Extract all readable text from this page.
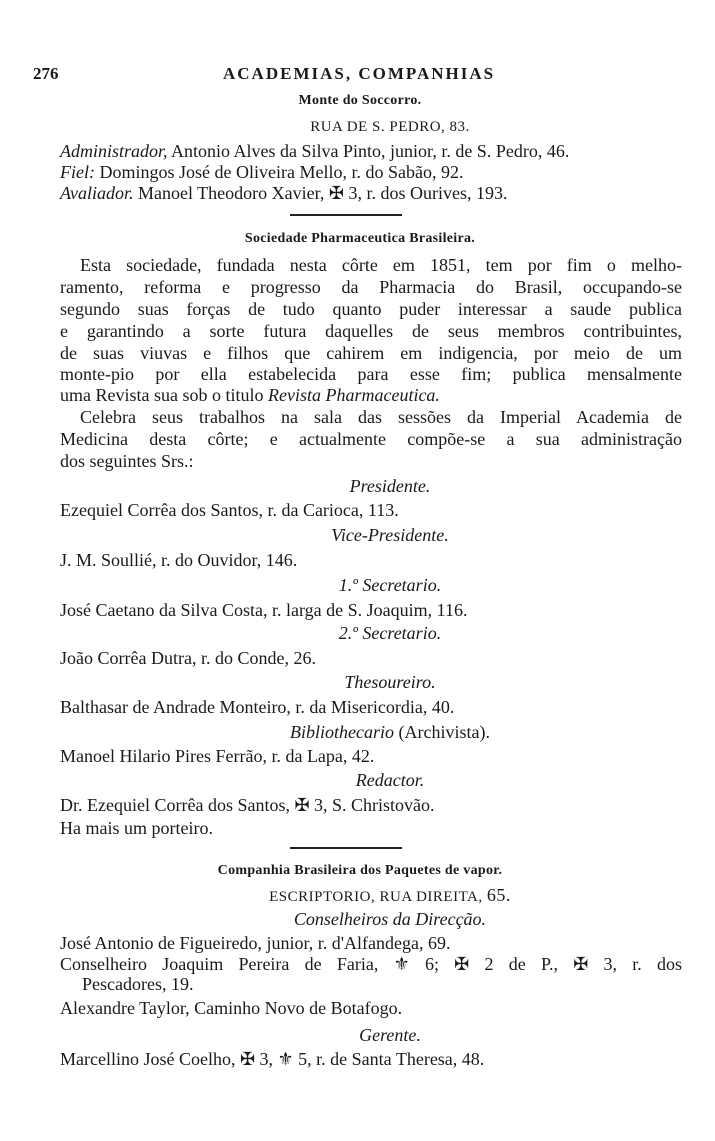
276	ACADEMIAS, COMPANHIAS
Monte do Soccorro.
RUA DE S. PEDRO, 83.
Administrador, Antonio Alves da Silva Pinto, junior, r. de S. Pedro, 46.
Fiel: Domingos José de Oliveira Mello, r. do Sabão, 92.
Avaliador. Manoel Theodoro Xavier, ✠ 3, r. dos Ourives, 193.
Sociedade Pharmaceutica Brasileira.
Esta sociedade, fundada nesta côrte em 1851, tem por fim o melho-
ramento, reforma e progresso da Pharmacia do Brasil, occupando-se
segundo suas forças de tudo quanto puder interessar a saude publica
e garantindo a sorte futura daquelles de seus membros contribuintes,
de suas viuvas e filhos que cahirem em indigencia, por meio de um
monte-pio por ella estabelecida para esse fim; publica mensalmente
uma Revista sua sob o titulo Revista Pharmaceutica.
Celebra seus trabalhos na sala das sessões da Imperial Academia de
Medicina desta côrte; e actualmente compõe-se a sua administração
dos seguintes Srs.:
Presidente.
Ezequiel Corrêa dos Santos, r. da Carioca, 113.
Vice-Presidente.
J. M. Soullié, r. do Ouvidor, 146.
1.º Secretario.
José Caetano da Silva Costa, r. larga de S. Joaquim, 116.
2.º Secretario.
João Corrêa Dutra, r. do Conde, 26.
Thesoureiro.
Balthasar de Andrade Monteiro, r. da Misericordia, 40.
Bibliothecario (Archivista).
Manoel Hilario Pires Ferrão, r. da Lapa, 42.
Redactor.
Dr. Ezequiel Corrêa dos Santos, ✠ 3, S. Christovão.
Ha mais um porteiro.
Companhia Brasileira dos Paquetes de vapor.
ESCRIPTORIO, RUA DIREITA, 65.
Conselheiros da Direcção.
José Antonio de Figueiredo, junior, r. d'Alfandega, 69.
Conselheiro Joaquim Pereira de Faria, ⚜ 6; ✠ 2 de P., ✠ 3, r. dos
Pescadores, 19.
Alexandre Taylor, Caminho Novo de Botafogo.
Gerente.
Marcellino José Coelho, ✠ 3, ⚜ 5, r. de Santa Theresa, 48.
